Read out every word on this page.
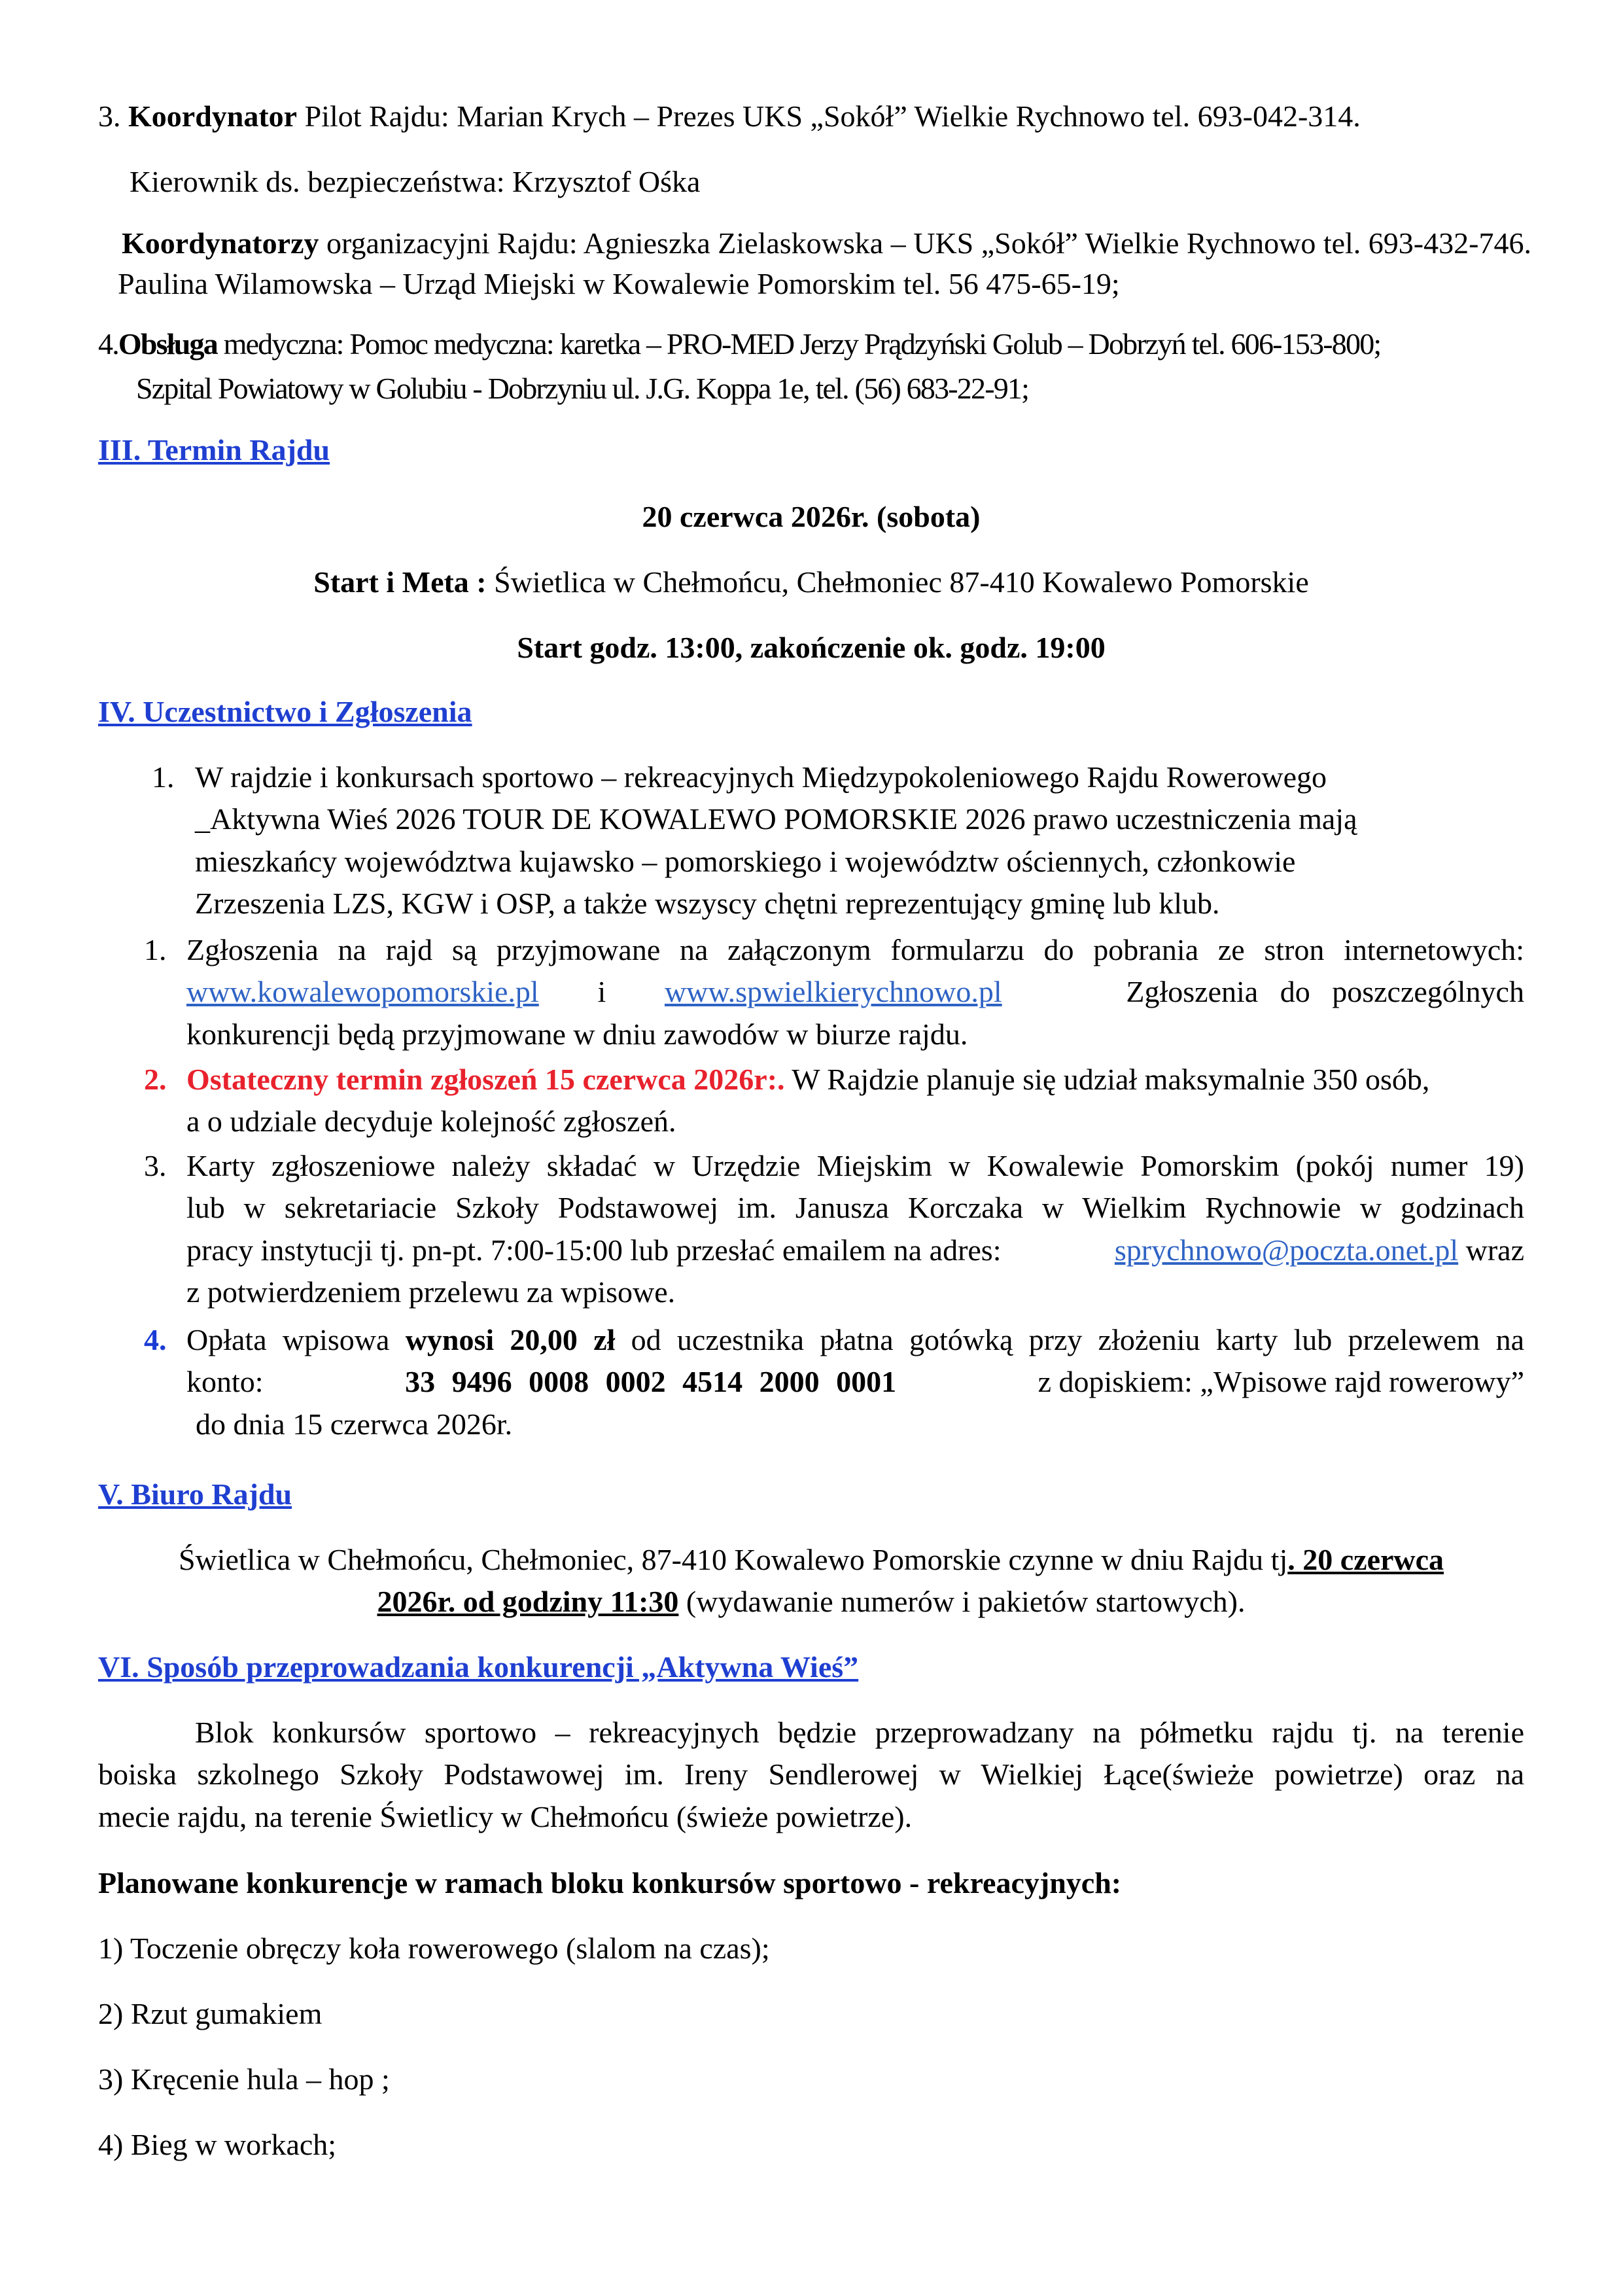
3. Koordynator Pilot Rajdu: Marian Krych – Prezes UKS „Sokół” Wielkie Rychnowo tel. 693-042-314.

Kierownik ds. bezpieczeństwa: Krzysztof Ośka

Koordynatorzy organizacyjni Rajdu: Agnieszka Zielaskowska – UKS „Sokół” Wielkie Rychnowo tel. 693-432-746.

Paulina Wilamowska – Urząd Miejski w Kowalewie Pomorskim tel. 56 475-65-19;

4.Obsługa medyczna: Pomoc medyczna: karetka – PRO-MED Jerzy Prądzyński Golub – Dobrzyń tel. 606-153-800;

Szpital Powiatowy w Golubiu - Dobrzyniu ul. J.G. Koppa 1e, tel. (56) 683-22-91;

III. Termin Rajdu

20 czerwca 2026r. (sobota)

Start i Meta : Świetlica w Chełmońcu, Chełmoniec 87-410 Kowalewo Pomorskie

Start godz. 13:00, zakończenie ok. godz. 19:00

IV. Uczestnictwo i Zgłoszenia

1. W rajdzie i konkursach sportowo – rekreacyjnych Międzypokoleniowego Rajdu Rowerowego
_Aktywna Wieś 2026 TOUR DE KOWALEWO POMORSKIE 2026 prawo uczestniczenia mają
mieszkańcy województwa kujawsko – pomorskiego i województw ościennych, członkowie
Zrzeszenia LZS, KGW i OSP, a także wszyscy chętni reprezentujący gminę lub klub.

1. Zgłoszenia na rajd są przyjmowane na załączonym formularzu do pobrania ze stron internetowych:
www.kowalewopomorskie.pl i www.spwielkierychnowo.pl	Zgłoszenia do poszczególnych
konkurencji będą przyjmowane w dniu zawodów w biurze rajdu.

2. Ostateczny termin zgłoszeń 15 czerwca 2026r:. W Rajdzie planuje się udział maksymalnie 350 osób,
a o udziale decyduje kolejność zgłoszeń.

3. Karty zgłoszeniowe należy składać w Urzędzie Miejskim w Kowalewie Pomorskim (pokój numer 19)
lub w sekretariacie Szkoły Podstawowej im. Janusza Korczaka w Wielkim Rychnowie w godzinach
pracy instytucji tj. pn-pt. 7:00-15:00 lub przesłać emailem na adres:	sprychnowo@poczta.onet.pl wraz
z potwierdzeniem przelewu za wpisowe.

4. Opłata wpisowa wynosi 20,00 zł od uczestnika płatna gotówką przy złożeniu karty lub przelewem na
konto:	33 9496 0008 0002 4514 2000 0001	z dopiskiem: „Wpisowe rajd rowerowy”
do dnia 15 czerwca 2026r.

V. Biuro Rajdu

Świetlica w Chełmońcu, Chełmoniec, 87-410 Kowalewo Pomorskie czynne w dniu Rajdu tj. 20 czerwca
2026r. od godziny 11:30 (wydawanie numerów i pakietów startowych).

VI. Sposób przeprowadzania konkurencji „Aktywna Wieś”

Blok konkursów sportowo – rekreacyjnych będzie przeprowadzany na półmetku rajdu tj. na terenie
boiska szkolnego Szkoły Podstawowej im. Ireny Sendlerowej w Wielkiej Łące(świeże powietrze) oraz na
mecie rajdu, na terenie Świetlicy w Chełmońcu (świeże powietrze).

Planowane konkurencje w ramach bloku konkursów sportowo - rekreacyjnych:

1) Toczenie obręczy koła rowerowego (slalom na czas);

2) Rzut gumakiem

3) Kręcenie hula – hop ;

4) Bieg w workach;
